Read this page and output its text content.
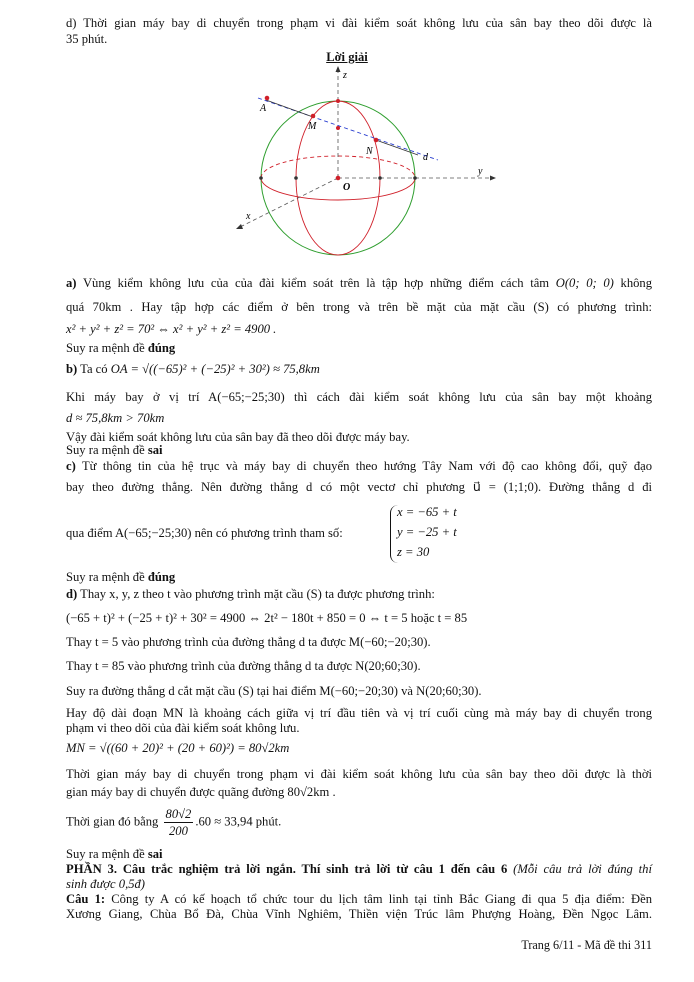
d) Thời gian máy bay di chuyển trong phạm vi đài kiểm soát không lưu của sân bay theo dõi được là
35 phút.
Lời giải
z
y
x
A
M
N
d
O
a) Vùng kiểm không lưu của của đài kiểm soát trên là tập hợp những điểm cách tâm O(0; 0; 0) không
quá 70km . Hay tập hợp các điểm ở bên trong và trên bề mặt của mặt cầu (S) có phương trình:
x² + y² + z² = 70² ⇔ x² + y² + z² = 4900 .
Suy ra mệnh đề đúng
b) Ta có OA = √((−65)² + (−25)² + 30²) ≈ 75,8km
Khi máy bay ở vị trí A(−65;−25;30) thì cách đài kiểm soát không lưu của sân bay một khoảng
d ≈ 75,8km > 70km
Vậy đài kiểm soát không lưu của sân bay đã theo dõi được máy bay.
Suy ra mệnh đề sai
c) Từ thông tin của hệ trục và máy bay di chuyển theo hướng Tây Nam với độ cao không đổi, quỹ đạo
bay theo đường thẳng. Nên đường thẳng d có một vectơ chỉ phương u⃗ = (1;1;0). Đường thẳng d đi
qua điểm A(−65;−25;30) nên có phương trình tham số:
x = −65 + t
y = −25 + t
z = 30
Suy ra mệnh đề đúng
d) Thay x, y, z theo t vào phương trình mặt cầu (S) ta được phương trình:
(−65 + t)² + (−25 + t)² + 30² = 4900 ⇔ 2t² − 180t + 850 = 0 ⇔ t = 5 hoặc t = 85
Thay t = 5 vào phương trình của đường thẳng d ta được M(−60;−20;30).
Thay t = 85 vào phương trình của đường thẳng d ta được N(20;60;30).
Suy ra đường thẳng d cắt mặt cầu (S) tại hai điểm M(−60;−20;30) và N(20;60;30).
Hay độ dài đoạn MN là khoảng cách giữa vị trí đầu tiên và vị trí cuối cùng mà máy bay di chuyển trong
phạm vi theo dõi của đài kiểm soát không lưu.
MN = √((60 + 20)² + (20 + 60)²) = 80√2km
Thời gian máy bay di chuyển trong phạm vi đài kiểm soát không lưu của sân bay theo dõi được là thời
gian máy bay di chuyển được quãng đường 80√2km .
Thời gian đó bằng $\frac{80√2}{200} .60 \approx 33,94$ phút.
Suy ra mệnh đề sai
PHẦN 3. Câu trắc nghiệm trả lời ngắn. Thí sinh trả lời từ câu 1 đến câu 6 (Mỗi câu trả lời đúng thí
sinh được 0,5đ)
Câu 1: Công ty A có kế hoạch tổ chức tour du lịch tâm linh tại tỉnh Bắc Giang đi qua 5 địa điểm: Đền
Xương Giang, Chùa Bổ Đà, Chùa Vĩnh Nghiêm, Thiền viện Trúc lâm Phượng Hoàng, Đền Ngọc Lâm.
Trang 6/11 - Mã đề thi 311
